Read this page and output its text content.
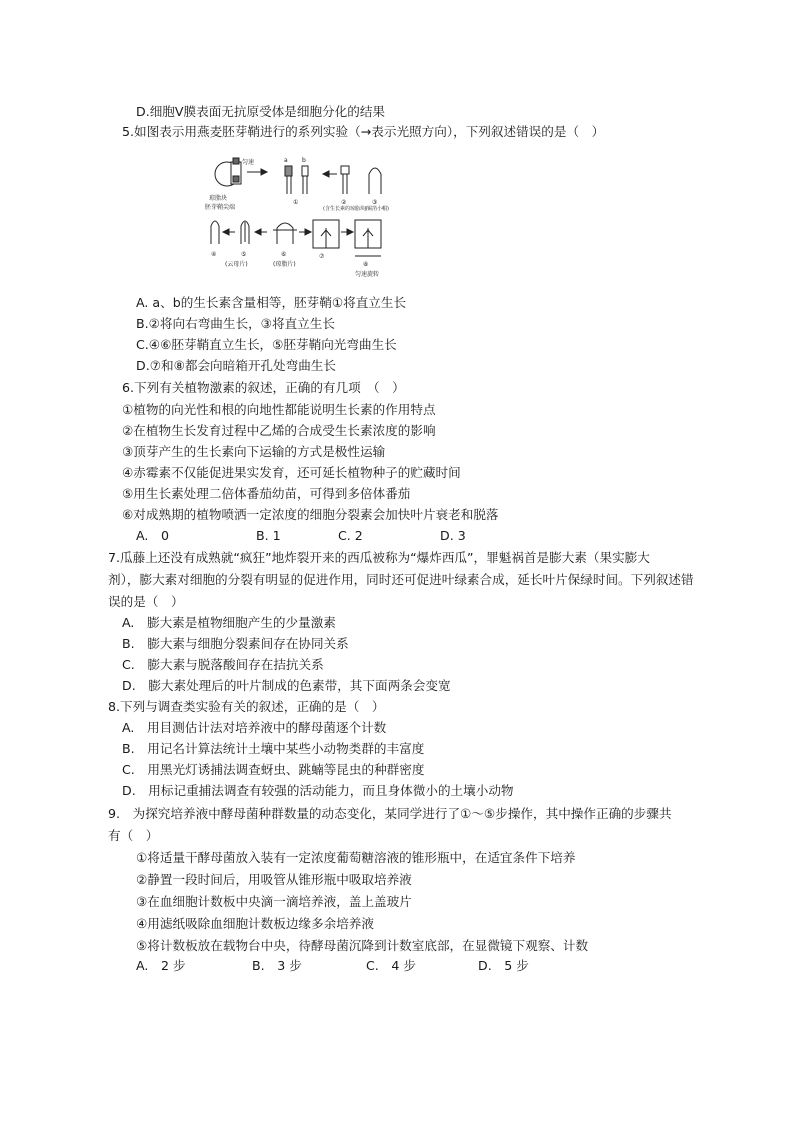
D.细胞Ⅴ膜表面无抗原受体是细胞分化的结果
5.如图表示用燕麦胚芽鞘进行的系列实验（→表示光照方向），下列叙述错误的是（　）
匀速	a b
①	②	③
琼脂块
胚芽鞘尖端	(含生长素的琼脂块)
(锡箔小帽)
④	⑤
(云母片)
⑥
(琼脂片)
⑦
⑧
匀速旋转
A. a、b的生长素含量相等，胚芽鞘①将直立生长
B.②将向右弯曲生长，③将直立生长
C.④⑥胚芽鞘直立生长，⑤胚芽鞘向光弯曲生长
D.⑦和⑧都会向暗箱开孔处弯曲生长
6.下列有关植物激素的叙述，正确的有几项　（　）
①植物的向光性和根的向地性都能说明生长素的作用特点
②在植物生长发育过程中乙烯的合成受生长素浓度的影响
③顶芽产生的生长素向下运输的方式是极性运输
④赤霉素不仅能促进果实发育，还可延长植物种子的贮藏时间
⑤用生长素处理二倍体番茄幼苗，可得到多倍体番茄
⑥对成熟期的植物喷洒一定浓度的细胞分裂素会加快叶片衰老和脱落
A.　0	B. 1	C. 2	D. 3
7.瓜藤上还没有成熟就“疯狂”地炸裂开来的西瓜被称为“爆炸西瓜”，罪魁祸首是膨大素（果实膨大
剂），膨大素对细胞的分裂有明显的促进作用，同时还可促进叶绿素合成，延长叶片保绿时间。下列叙述错
误的是（　）
A.　膨大素是植物细胞产生的少量激素
B.　膨大素与细胞分裂素间存在协同关系
C.　膨大素与脱落酸间存在拮抗关系
D.　膨大素处理后的叶片制成的色素带，其下面两条会变宽
8.下列与调查类实验有关的叙述，正确的是（　）
A.　用目测估计法对培养液中的酵母菌逐个计数
B.　用记名计算法统计土壤中某些小动物类群的丰富度
C.　用黑光灯诱捕法调查蚜虫、跳蝻等昆虫的种群密度
D.　用标记重捕法调查有较强的活动能力，而且身体微小的土壤小动物
9.　为探究培养液中酵母菌种群数量的动态变化，某同学进行了①～⑤步操作，其中操作正确的步骤共
有（　）
①将适量干酵母菌放入装有一定浓度葡萄糖溶液的锥形瓶中，在适宜条件下培养
②静置一段时间后，用吸管从锥形瓶中吸取培养液
③在血细胞计数板中央滴一滴培养液，盖上盖玻片
④用滤纸吸除血细胞计数板边缘多余培养液
⑤将计数板放在载物台中央，待酵母菌沉降到计数室底部，在显微镜下观察、计数
A.　2 步	B.　3 步	C.　4 步	D.　5 步
